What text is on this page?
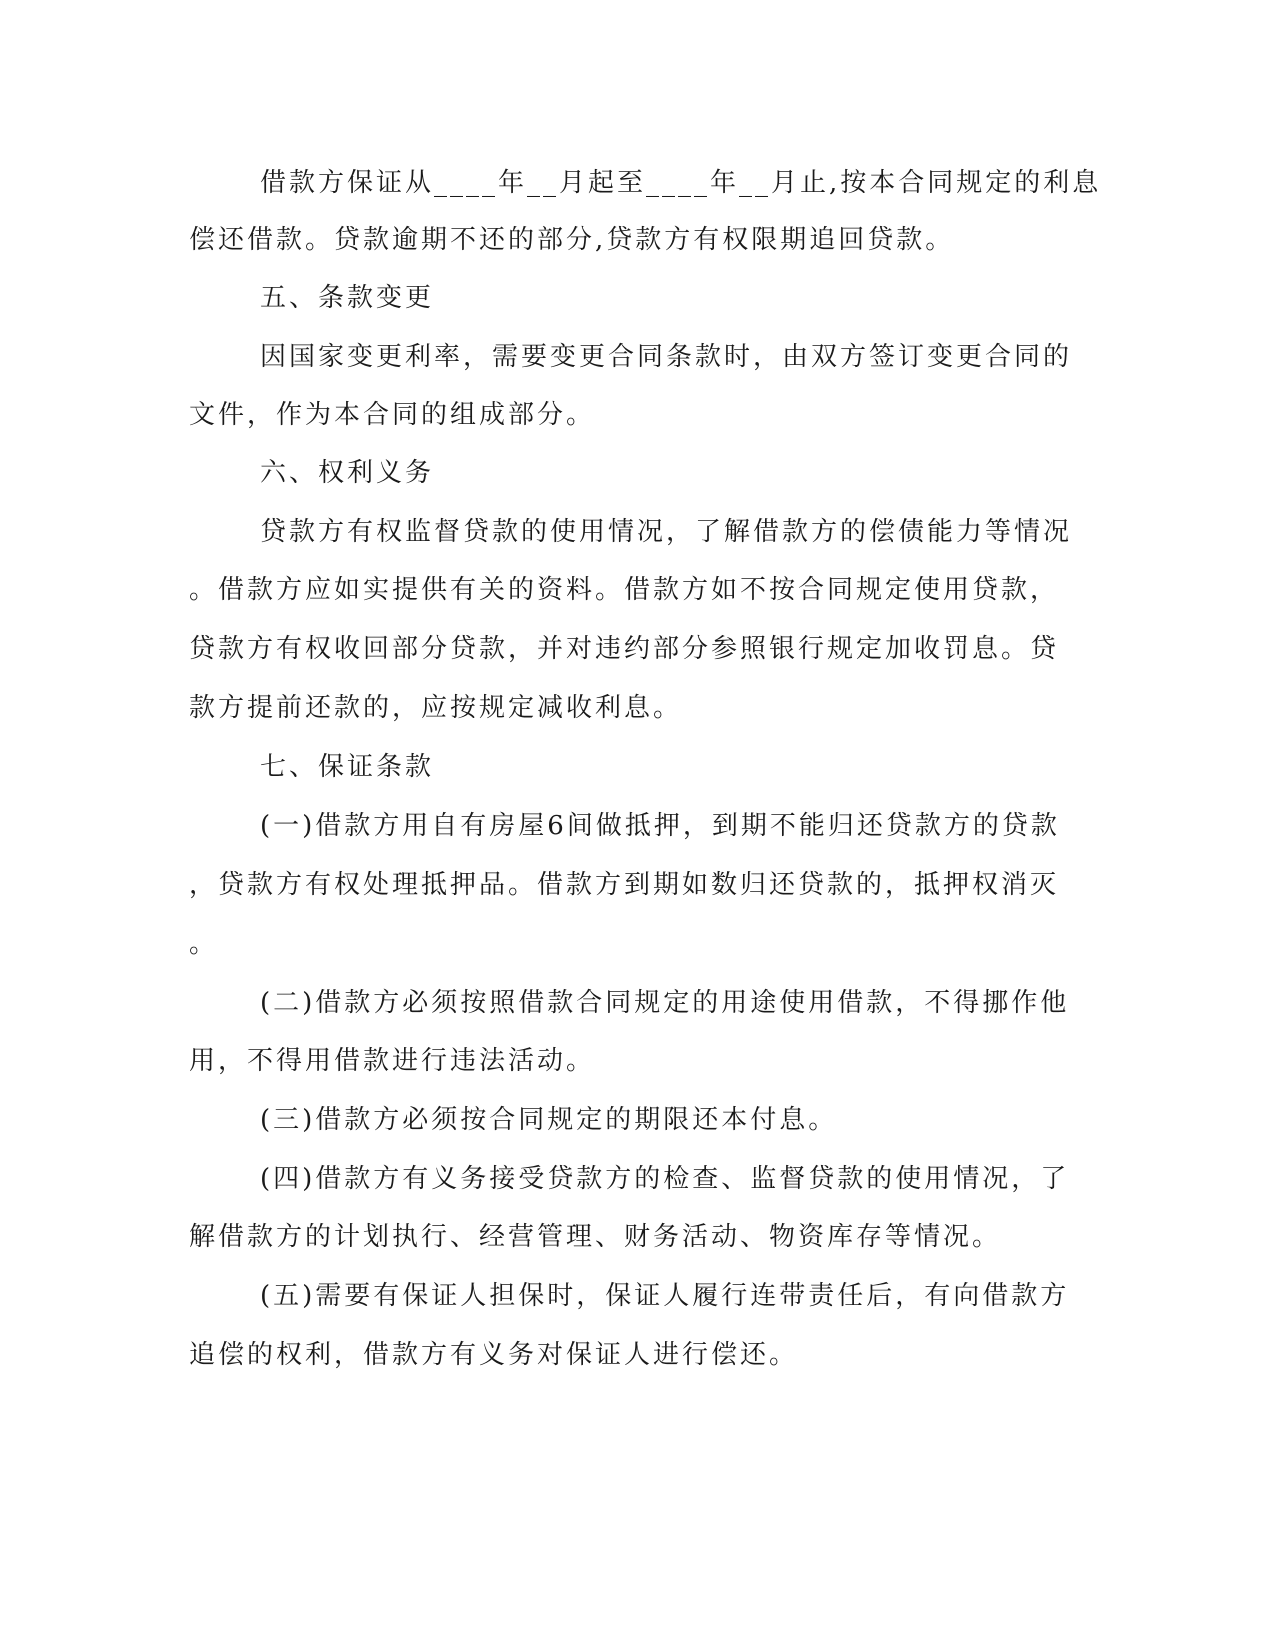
借款方保证从____年__月起至____年__月止,按本合同规定的利息
偿还借款。贷款逾期不还的部分,贷款方有权限期追回贷款。
五、条款变更
因国家变更利率，需要变更合同条款时，由双方签订变更合同的
文件，作为本合同的组成部分。
六、权利义务
贷款方有权监督贷款的使用情况，了解借款方的偿债能力等情况
。借款方应如实提供有关的资料。借款方如不按合同规定使用贷款，
贷款方有权收回部分贷款，并对违约部分参照银行规定加收罚息。贷
款方提前还款的，应按规定减收利息。
七、保证条款
(一)借款方用自有房屋6间做抵押，到期不能归还贷款方的贷款
，贷款方有权处理抵押品。借款方到期如数归还贷款的，抵押权消灭
。
(二)借款方必须按照借款合同规定的用途使用借款，不得挪作他
用，不得用借款进行违法活动。
(三)借款方必须按合同规定的期限还本付息。
(四)借款方有义务接受贷款方的检查、监督贷款的使用情况，了
解借款方的计划执行、经营管理、财务活动、物资库存等情况。
(五)需要有保证人担保时，保证人履行连带责任后，有向借款方
追偿的权利，借款方有义务对保证人进行偿还。
